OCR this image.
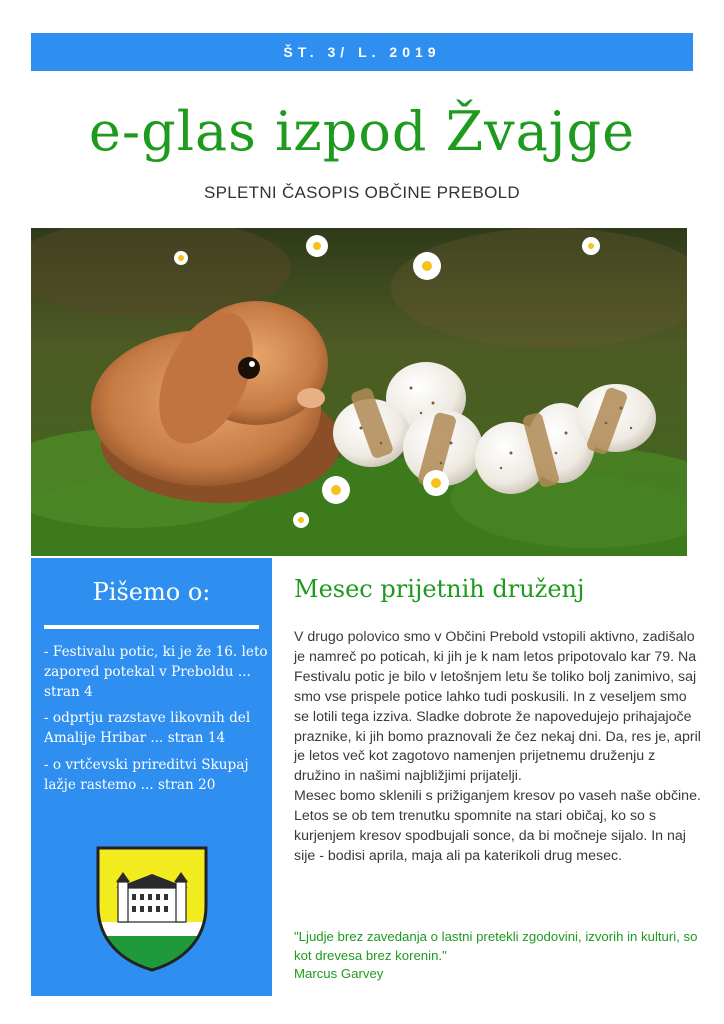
ŠT. 3/ L. 2019
e-glas izpod Žvajge
SPLETNI ČASOPIS OBČINE PREBOLD
Pišemo o:
- Festivalu potic, ki je že 16. leto zapored potekal v Preboldu ... stran 4
- odprtju razstave likovnih del Amalije Hribar ... stran 14
- o vrtčevski prireditvi Skupaj lažje rastemo ... stran 20
Mesec prijetnih druženj

V drugo polovico smo v Občini Prebold vstopili aktivno, zadišalo je namreč po poticah, ki jih je k nam letos pripotovalo kar 79. Na Festivalu potic je bilo v letošnjem letu še toliko bolj zanimivo, saj smo vse prispele potice lahko tudi poskusili. In z veseljem smo se lotili tega izziva. Sladke dobrote že napovedujejo prihajajoče praznike, ki jih bomo praznovali že čez nekaj dni. Da, res je, april je letos več kot zagotovo namenjen prijetnemu druženju z družino in našimi najbližjimi prijatelji.

Mesec bomo sklenili s prižiganjem kresov po vaseh naše občine. Letos se ob tem trenutku spomnite na stari običaj, ko so s kurjenjem kresov spodbujali sonce, da bi močneje sijalo. In naj sije - bodisi aprila, maja ali pa katerikoli drug mesec.

"Ljudje brez zavedanja o lastni pretekli zgodovini, izvorih in kulturi, so kot drevesa brez korenin."

Marcus Garvey
